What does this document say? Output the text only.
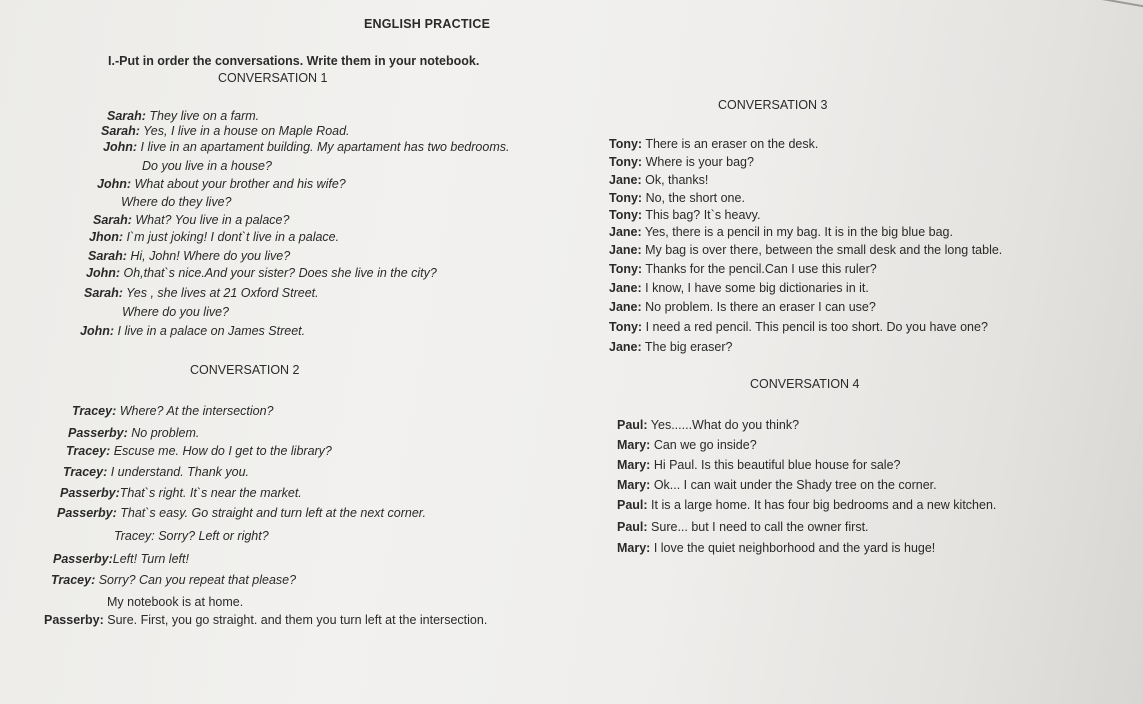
ENGLISH PRACTICE
I.-Put in order the conversations. Write them in your notebook.
CONVERSATION 1
Sarah: They live on a farm.
Sarah: Yes, I live in a house on Maple Road.
John: I live in an apartament building. My apartament has two bedrooms.
Do you live in a house?
John: What about your brother and his wife?
Where do they live?
Sarah: What? You live in a palace?
Jhon: I`m just joking! I dont`t live in a palace.
Sarah: Hi, John! Where do you live?
John: Oh,that`s nice.And your sister? Does she live in the city?
Sarah: Yes , she lives at 21 Oxford Street.
Where do you live?
John: I live in a palace on James Street.
CONVERSATION 2
Tracey: Where? At the intersection?
Passerby: No problem.
Tracey: Escuse me. How do I get to the library?
Tracey: I understand. Thank you.
Passerby:That`s right. It`s near the market.
Passerby: That`s easy. Go straight and turn left at the next corner.
Tracey: Sorry? Left or right?
Passerby:Left! Turn left!
Tracey: Sorry? Can you repeat that please?
My notebook is at home.
Passerby: Sure. First, you go straight. and them you turn left at the intersection.
CONVERSATION 3
Tony: There is an eraser on the desk.
Tony: Where is your bag?
Jane: Ok, thanks!
Tony: No, the short one.
Tony: This bag? It`s heavy.
Jane: Yes, there is a pencil in my bag. It is in the big blue bag.
Jane: My bag is over there, between the small desk and the long table.
Tony: Thanks for the pencil.Can I use this ruler?
Jane: I know, I have some big dictionaries in it.
Jane: No problem. Is there an eraser I can use?
Tony: I need a red pencil. This pencil is too short. Do you have one?
Jane: The big eraser?
CONVERSATION 4
Paul: Yes......What do you think?
Mary: Can we go inside?
Mary: Hi Paul. Is this beautiful blue house for sale?
Mary: Ok... I can wait under the Shady tree on the corner.
Paul: It is a large home. It has four big bedrooms and a new kitchen.
Paul: Sure... but I need to call the owner first.
Mary: I love the quiet neighborhood and the yard is huge!
